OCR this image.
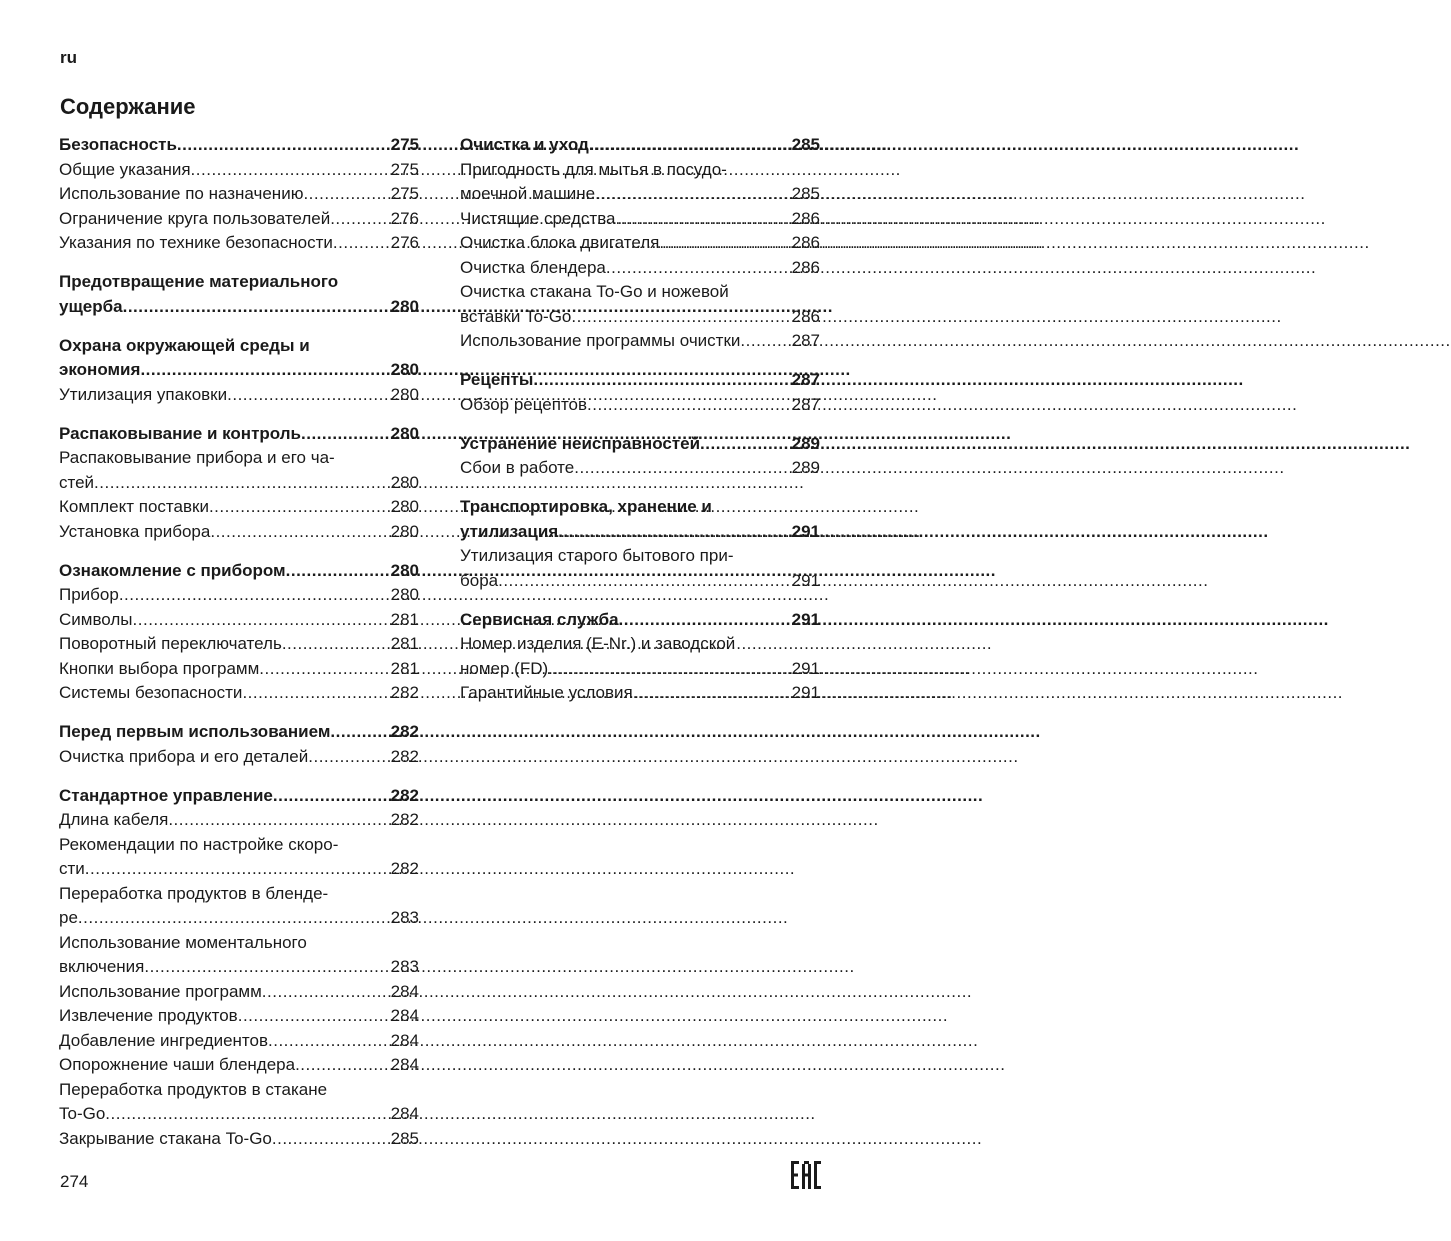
ru
Содержание
Безопасность .....	275
Общие указания .....	275
Использование по назначению .....	275
Ограничение круга пользователей .....	276
Указания по технике безопасности .....	276
Предотвращение материального
ущерба .....	280
Охрана окружающей среды и
экономия .....	280
Утилизация упаковки .....	280
Распаковывание и контроль .....	280
Распаковывание прибора и его ча-
стей .....	280
Комплект поставки .....	280
Установка прибора .....	280
Ознакомление с прибором .....	280
Прибор .....	280
Символы .....	281
Поворотный переключатель .....	281
Кнопки выбора программ .....	281
Системы безопасности .....	282
Перед первым использованием .....	282
Очистка прибора и его деталей .....	282
Стандартное управление .....	282
Длина кабеля .....	282
Рекомендации по настройке скоро-
сти .....	282
Переработка продуктов в бленде-
ре .....	283
Использование моментального
включения .....	283
Использование программ .....	284
Извлечение продуктов .....	284
Добавление ингредиентов .....	284
Опорожнение чаши блендера .....	284
Переработка продуктов в стакане
To-Go .....	284
Закрывание стакана To-Go .....	285
Очистка и уход .....	285
Пригодность для мытья в посудо-
моечной машине .....	285
Чистящие средства .....	286
Очистка блока двигателя .....	286
Очистка блендера .....	286
Очистка стакана To-Go и ножевой
вставки To-Go .....	286
Использование программы очистки .....	287
Рецепты .....	287
Обзор рецептов .....	287
Устранение неисправностей .....	289
Сбои в работе .....	289
Транспортировка, хранение и
утилизация .....	291
Утилизация старого бытового при-
бора .....	291
Сервисная служба .....	291
Номер изделия (E-Nr.) и заводской
номер (FD) .....	291
Гарантийные условия .....	291
274
